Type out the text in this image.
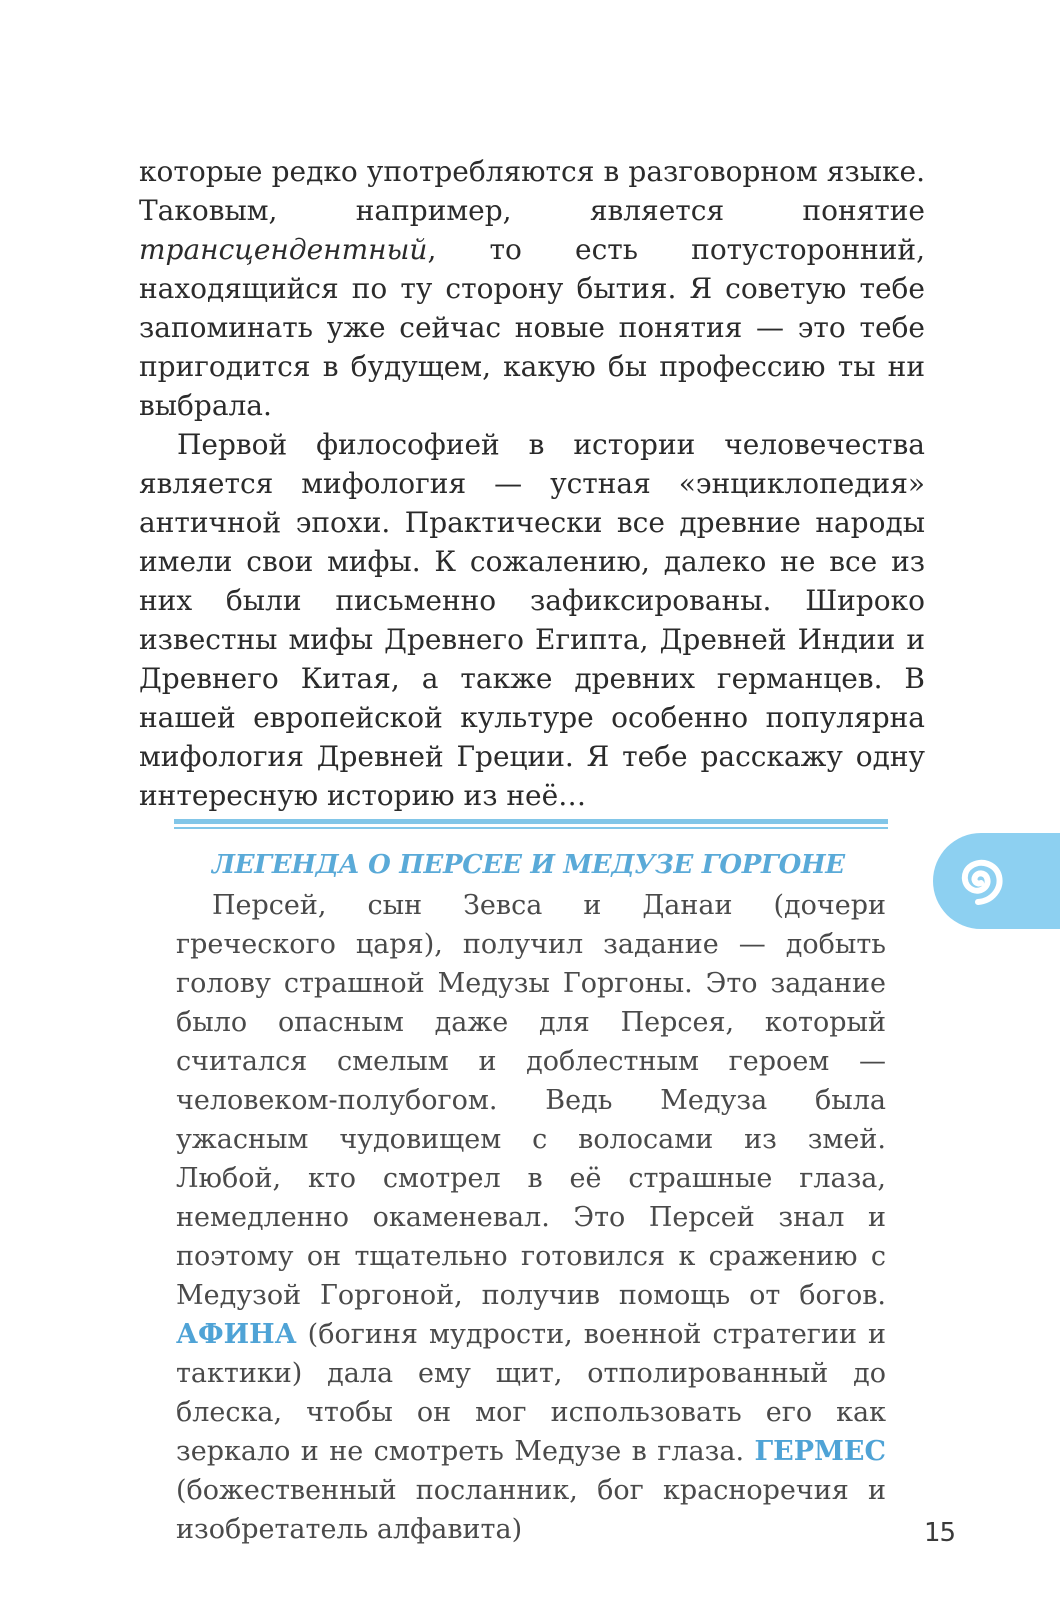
которые редко употребляются в разговорном языке. Таковым, например, является понятие трансцендентный, то есть потусторонний, находящийся по ту сторону бытия. Я советую тебе запоминать уже сейчас новые понятия — это тебе пригодится в будущем, какую бы профессию ты ни выбрала.

Первой философией в истории человечества является мифология — устная «энциклопедия» античной эпохи. Практически все древние народы имели свои мифы. К сожалению, далеко не все из них были письменно зафиксированы. Широко известны мифы Древнего Египта, Древней Индии и Древнего Китая, а также древних германцев. В нашей европейской культуре особенно популярна мифология Древней Греции. Я тебе расскажу одну интересную историю из неё…

ЛЕГЕНДА О ПЕРСЕЕ И МЕДУЗЕ ГОРГОНЕ

Персей, сын Зевса и Данаи (дочери греческого царя), получил задание — добыть голову страшной Медузы Горгоны. Это задание было опасным даже для Персея, который считался смелым и доблестным героем — человеком-полубогом. Ведь Медуза была ужасным чудовищем с волосами из змей. Любой, кто смотрел в её страшные глаза, немедленно окаменевал. Это Персей знал и поэтому он тщательно готовился к сражению с Медузой Горгоной, получив помощь от богов. АФИНА (богиня мудрости, военной стратегии и тактики) дала ему щит, отполированный до блеска, чтобы он мог использовать его как зеркало и не смотреть Медузе в глаза. ГЕРМЕС (божественный посланник, бог красноречия и изобретатель алфавита)	15
